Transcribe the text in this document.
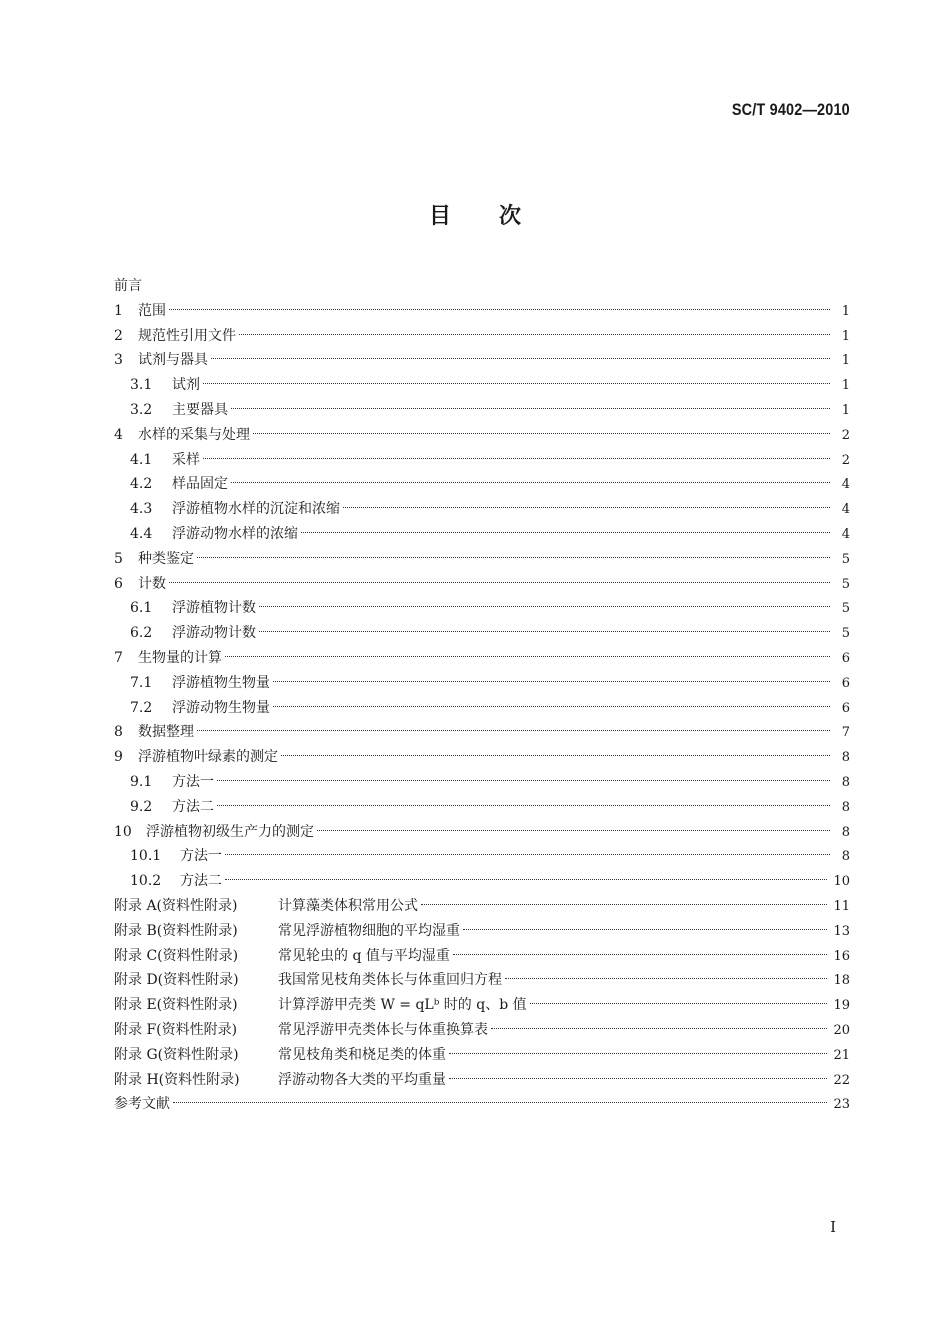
SC/T 9402—2010
目 次
前言
1	范围	1
2	规范性引用文件	1
3	试剂与器具	1
3.1	试剂	1
3.2	主要器具	1
4	水样的采集与处理	2
4.1	采样	2
4.2	样品固定	4
4.3	浮游植物水样的沉淀和浓缩	4
4.4	浮游动物水样的浓缩	4
5	种类鉴定	5
6	计数	5
6.1	浮游植物计数	5
6.2	浮游动物计数	5
7	生物量的计算	6
7.1	浮游植物生物量	6
7.2	浮游动物生物量	6
8	数据整理	7
9	浮游植物叶绿素的测定	8
9.1	方法一	8
9.2	方法二	8
10	浮游植物初级生产力的测定	8
10.1	方法一	8
10.2	方法二	10
附录 A(资料性附录)	计算藻类体积常用公式	11
附录 B(资料性附录)	常见浮游植物细胞的平均湿重	13
附录 C(资料性附录)	常见轮虫的 q 值与平均湿重	16
附录 D(资料性附录)	我国常见枝角类体长与体重回归方程	18
附录 E(资料性附录)	计算浮游甲壳类 W = qLᵇ 时的 q、b 值	19
附录 F(资料性附录)	常见浮游甲壳类体长与体重换算表	20
附录 G(资料性附录)	常见枝角类和桡足类的体重	21
附录 H(资料性附录)	浮游动物各大类的平均重量	22
参考文献	23
I
